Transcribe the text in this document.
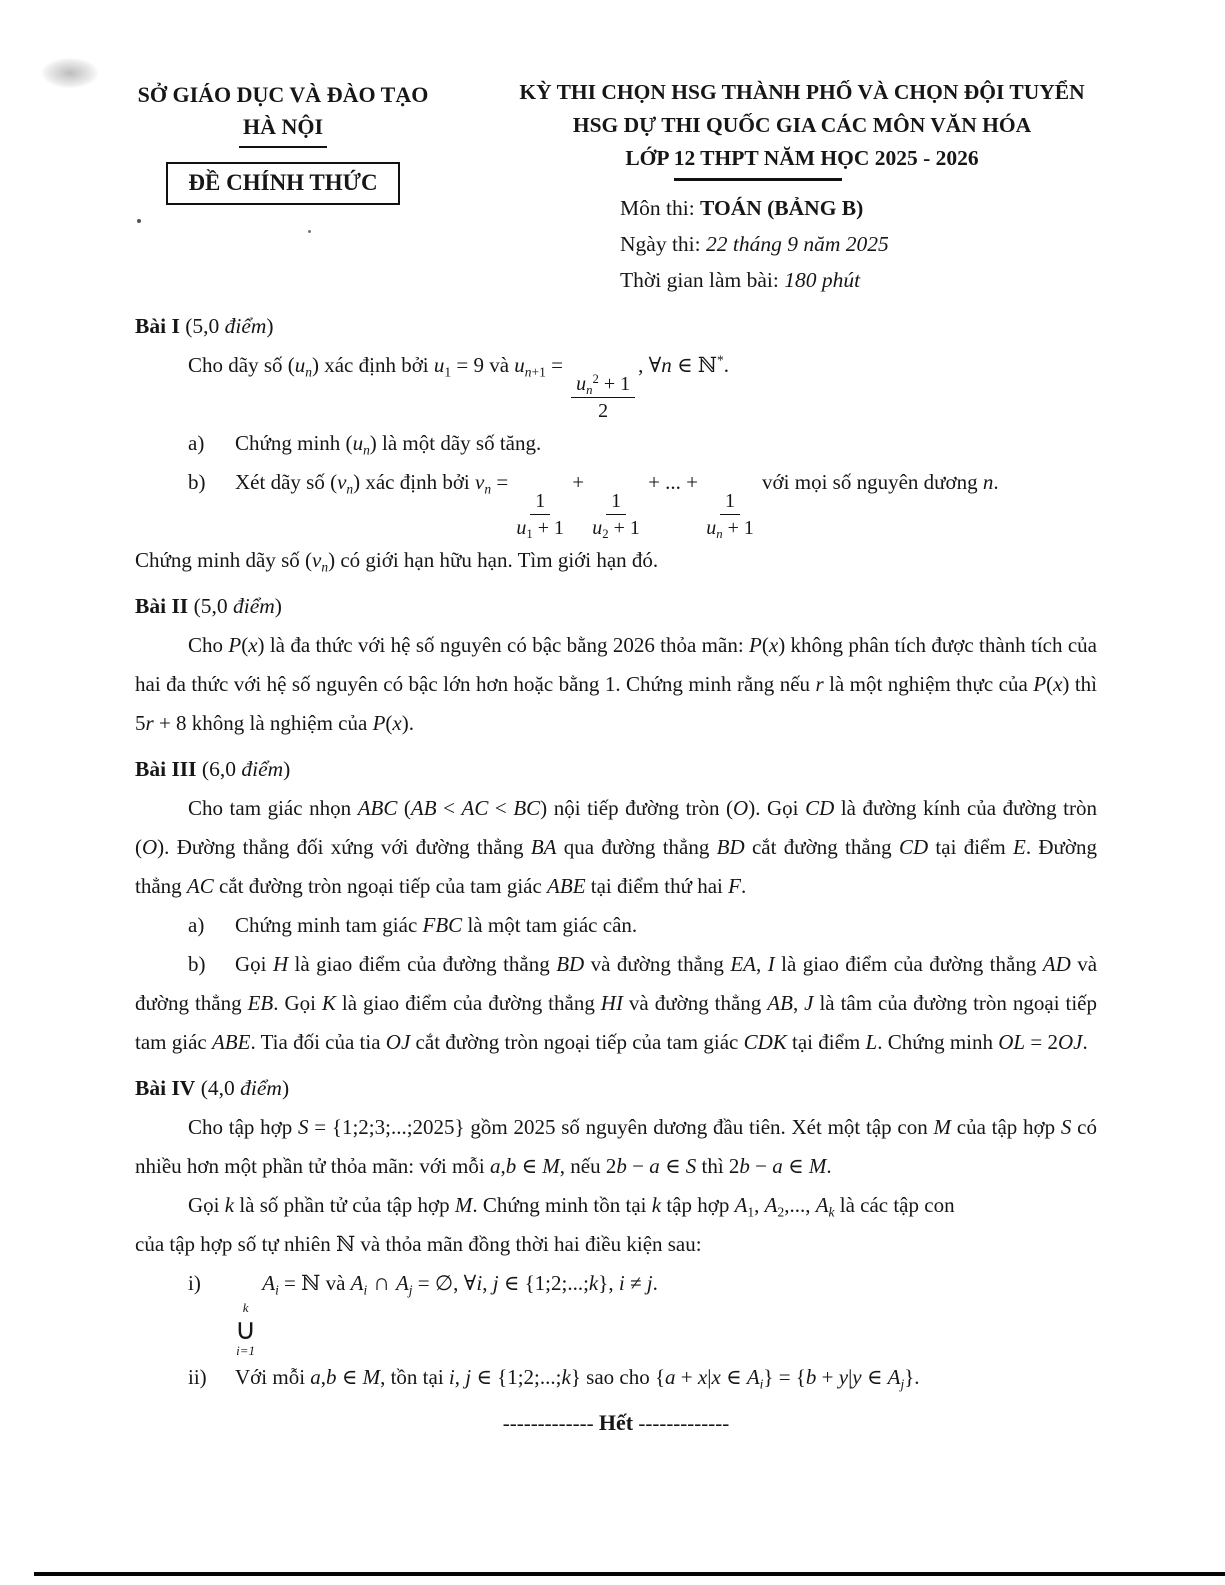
SỞ GIÁO DỤC VÀ ĐÀO TẠO
HÀ NỘI
ĐỀ CHÍNH THỨC
KỲ THI CHỌN HSG THÀNH PHỐ VÀ CHỌN ĐỘI TUYỂN
HSG DỰ THI QUỐC GIA CÁC MÔN VĂN HÓA
LỚP 12 THPT NĂM HỌC 2025 - 2026
Môn thi: TOÁN (BẢNG B)
Ngày thi: 22 tháng 9 năm 2025
Thời gian làm bài: 180 phút

Bài I (5,0 điểm)

Cho dãy số $(u_n)$ xác định bởi $u_1 = 9$ và $u_{n+1}$ =
$\frac{u_n^2 + 1}{2}$
, ∀n ∈ ℕ*.

a) Chứng minh $(u_n)$ là một dãy số tăng.

b) Xét dãy số $(v_n)$ xác định bởi $v_n$ =
$\frac{1}{u_1 + 1}$
+
$\frac{1}{u_2 + 1}$
+ ... +
$\frac{1}{u_n + 1}$
với mọi số nguyên dương n.

Chứng minh dãy số $(v_n)$ có giới hạn hữu hạn. Tìm giới hạn đó.

Bài II (5,0 điểm)

Cho P(x) là đa thức với hệ số nguyên có bậc bằng 2026 thỏa mãn: P(x) không phân tích được thành tích của hai đa thức với hệ số nguyên có bậc lớn hơn hoặc bằng 1. Chứng minh rằng nếu r là một nghiệm thực của P(x) thì 5r + 8 không là nghiệm của P(x).

Bài III (6,0 điểm)

Cho tam giác nhọn ABC (AB < AC < BC) nội tiếp đường tròn (O). Gọi CD là đường kính của đường tròn (O). Đường thẳng đối xứng với đường thẳng BA qua đường thẳng BD cắt đường thẳng CD tại điểm E. Đường thẳng AC cắt đường tròn ngoại tiếp của tam giác ABE tại điểm thứ hai F.

a) Chứng minh tam giác FBC là một tam giác cân.

b) Gọi H là giao điểm của đường thẳng BD và đường thẳng EA, I là giao điểm của đường thẳng AD và đường thẳng EB. Gọi K là giao điểm của đường thẳng HI và đường thẳng AB, J là tâm của đường tròn ngoại tiếp tam giác ABE. Tia đối của tia OJ cắt đường tròn ngoại tiếp của tam giác CDK tại điểm L. Chứng minh OL = 2OJ.

Bài IV (4,0 điểm)

Cho tập hợp S = {1;2;3;...;2025} gồm 2025 số nguyên dương đầu tiên. Xét một tập con M của tập hợp S có nhiều hơn một phần tử thỏa mãn: với mỗi a,b ∈ M, nếu 2b − a ∈ S thì 2b − a ∈ M.

Gọi k là số phần tử của tập hợp M. Chứng minh tồn tại k tập hợp $A_1$, $A_2$,..., $A_k$ là các tập con

của tập hợp số tự nhiên ℕ và thỏa mãn đồng thời hai điều kiện sau:

i)
k
∪
i=1
$A_i$ = ℕ và $A_i$ ∩ $A_j$ = ∅, ∀i, j ∈ {1;2;...;k}, i ≠ j.

ii) Với mỗi a,b ∈ M, tồn tại i, j ∈ {1;2;...;k} sao cho {a + x|x ∈ $A_i\} = \{b + y|y$ ∈ $A_j$}.

------------- Hết -------------
